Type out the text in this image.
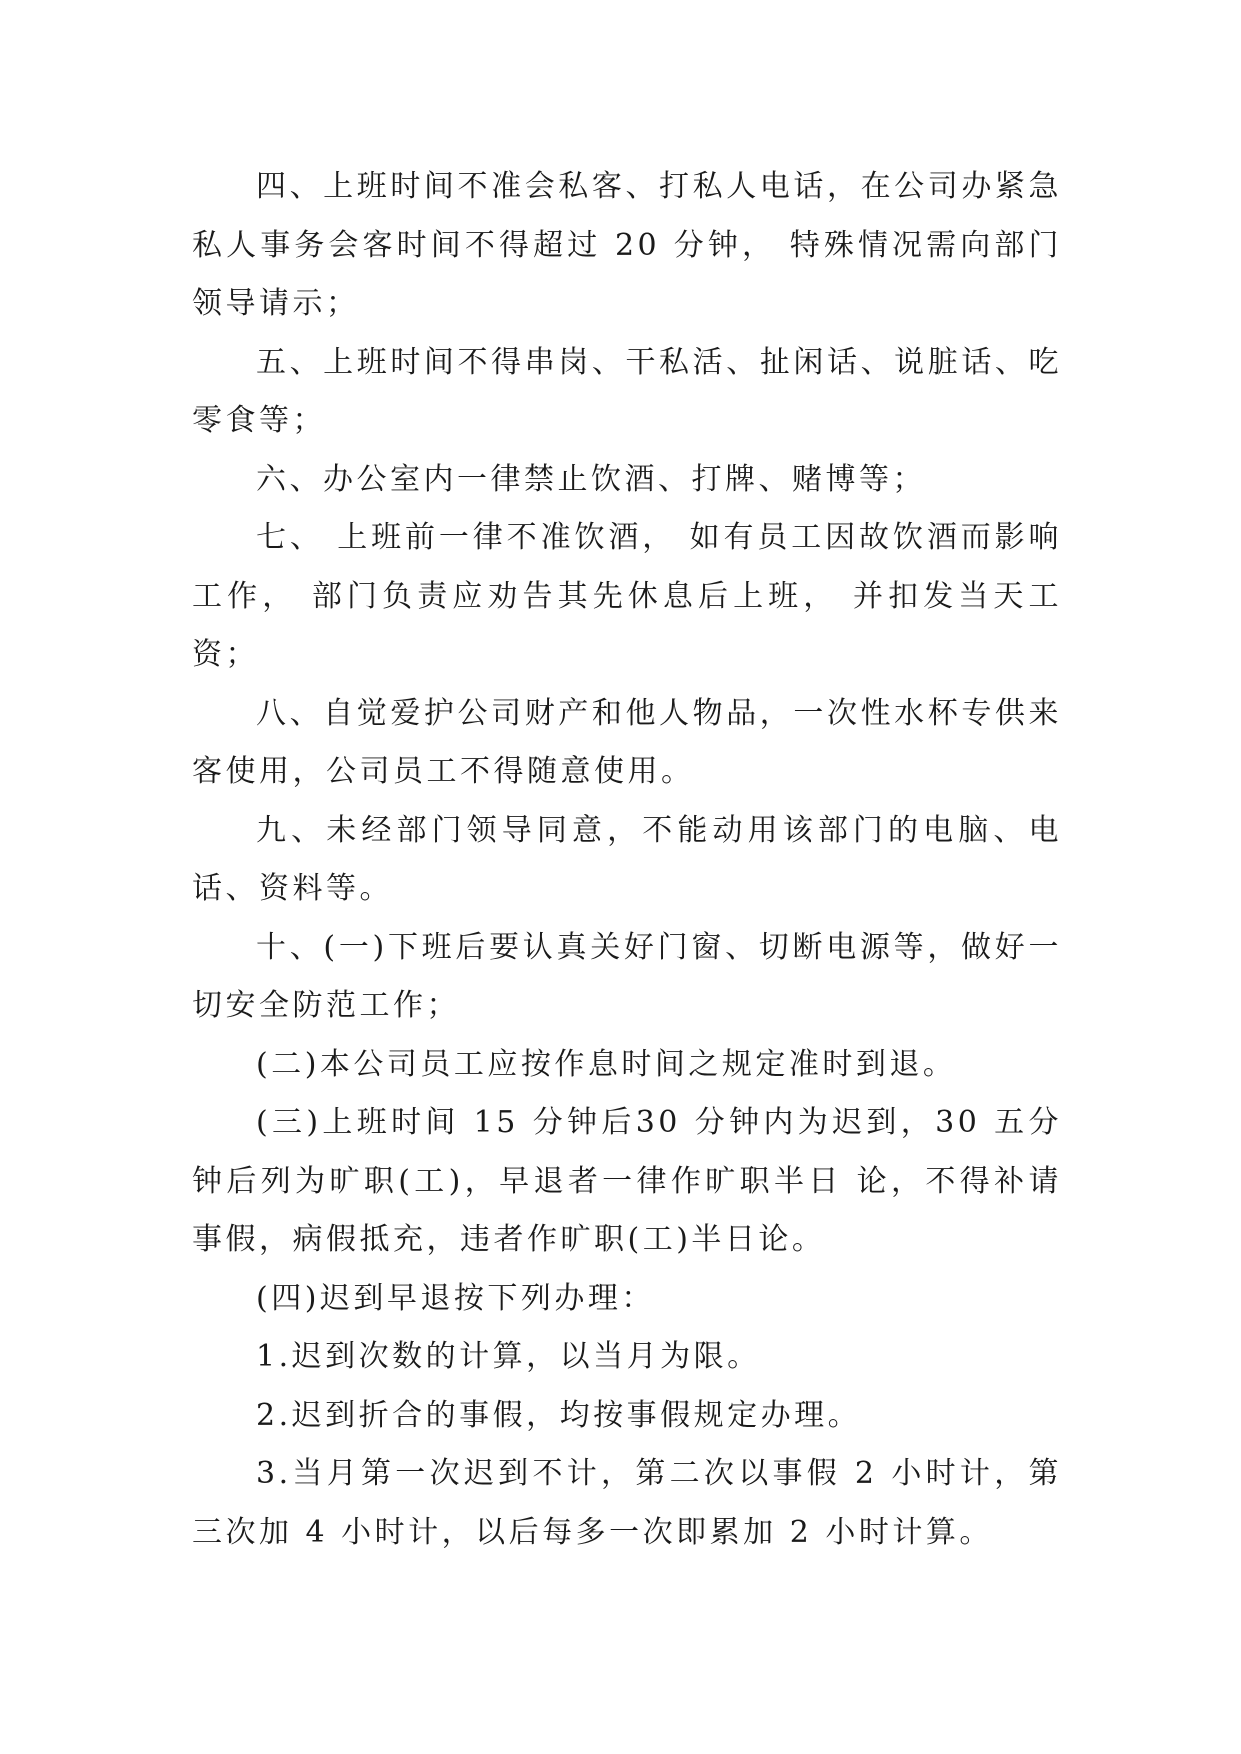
四、上班时间不准会私客、打私人电话，在公司办紧急私人事务会客时间不得超过 20 分钟， 特殊情况需向部门领导请示；

五、上班时间不得串岗、干私活、扯闲话、说脏话、吃零食等；

六、办公室内一律禁止饮酒、打牌、赌博等；

七、 上班前一律不准饮酒， 如有员工因故饮酒而影响工作， 部门负责应劝告其先休息后上班， 并扣发当天工资；

八、自觉爱护公司财产和他人物品，一次性水杯专供来客使用，公司员工不得随意使用。

九、未经部门领导同意，不能动用该部门的电脑、电话、资料等。

十、(一)下班后要认真关好门窗、切断电源等，做好一切安全防范工作；

(二)本公司员工应按作息时间之规定准时到退。

(三)上班时间 15 分钟后30 分钟内为迟到，30 五分钟后列为旷职(工)，早退者一律作旷职半日 论，不得补请事假，病假抵充，违者作旷职(工)半日论。

(四)迟到早退按下列办理：

1.迟到次数的计算，以当月为限。

2.迟到折合的事假，均按事假规定办理。

3.当月第一次迟到不计，第二次以事假 2 小时计，第三次加 4 小时计，以后每多一次即累加 2 小时计算。
